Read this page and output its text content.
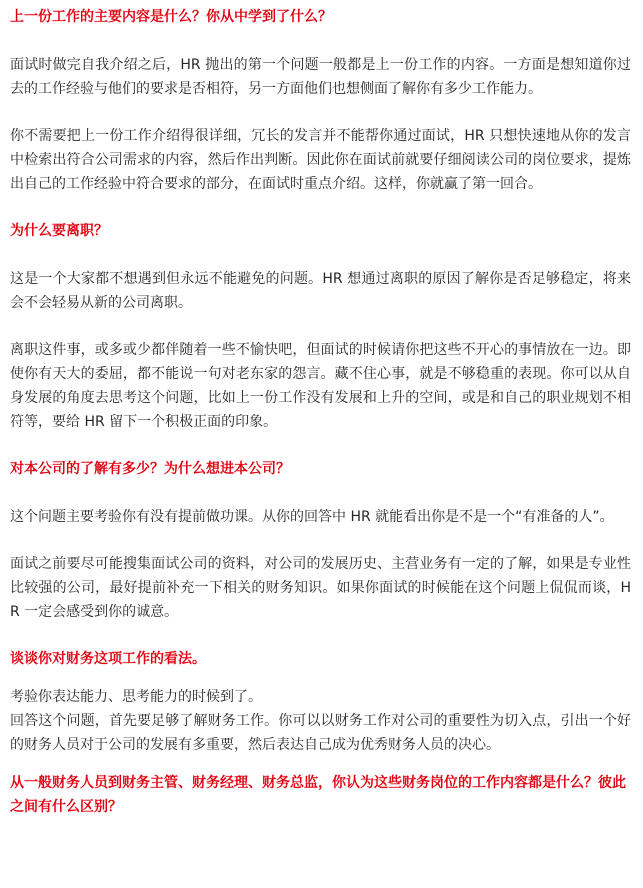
上一份工作的主要内容是什么？你从中学到了什么？

面试时做完自我介绍之后，HR 抛出的第一个问题一般都是上一份工作的内容。一方面是想知道你过去的工作经验与他们的要求是否相符，另一方面他们也想侧面了解你有多少工作能力。

你不需要把上一份工作介绍得很详细，冗长的发言并不能帮你通过面试，HR 只想快速地从你的发言中检索出符合公司需求的内容，然后作出判断。因此你在面试前就要仔细阅读公司的岗位要求，提炼出自己的工作经验中符合要求的部分，在面试时重点介绍。这样，你就赢了第一回合。

为什么要离职？

这是一个大家都不想遇到但永远不能避免的问题。HR 想通过离职的原因了解你是否足够稳定，将来会不会轻易从新的公司离职。

离职这件事，或多或少都伴随着一些不愉快吧，但面试的时候请你把这些不开心的事情放在一边。即使你有天大的委屈，都不能说一句对老东家的怨言。藏不住心事，就是不够稳重的表现。你可以从自身发展的角度去思考这个问题，比如上一份工作没有发展和上升的空间，或是和自己的职业规划不相符等，要给 HR 留下一个积极正面的印象。

对本公司的了解有多少？为什么想进本公司？

这个问题主要考验你有没有提前做功课。从你的回答中 HR 就能看出你是不是一个“有准备的人”。

面试之前要尽可能搜集面试公司的资料，对公司的发展历史、主营业务有一定的了解，如果是专业性比较强的公司，最好提前补充一下相关的财务知识。如果你面试的时候能在这个问题上侃侃而谈，HR 一定会感受到你的诚意。

谈谈你对财务这项工作的看法。

考验你表达能力、思考能力的时候到了。
回答这个问题，首先要足够了解财务工作。你可以以财务工作对公司的重要性为切入点，引出一个好的财务人员对于公司的发展有多重要，然后表达自己成为优秀财务人员的决心。

从一般财务人员到财务主管、财务经理、财务总监，你认为这些财务岗位的工作内容都是什么？彼此之间有什么区别？
